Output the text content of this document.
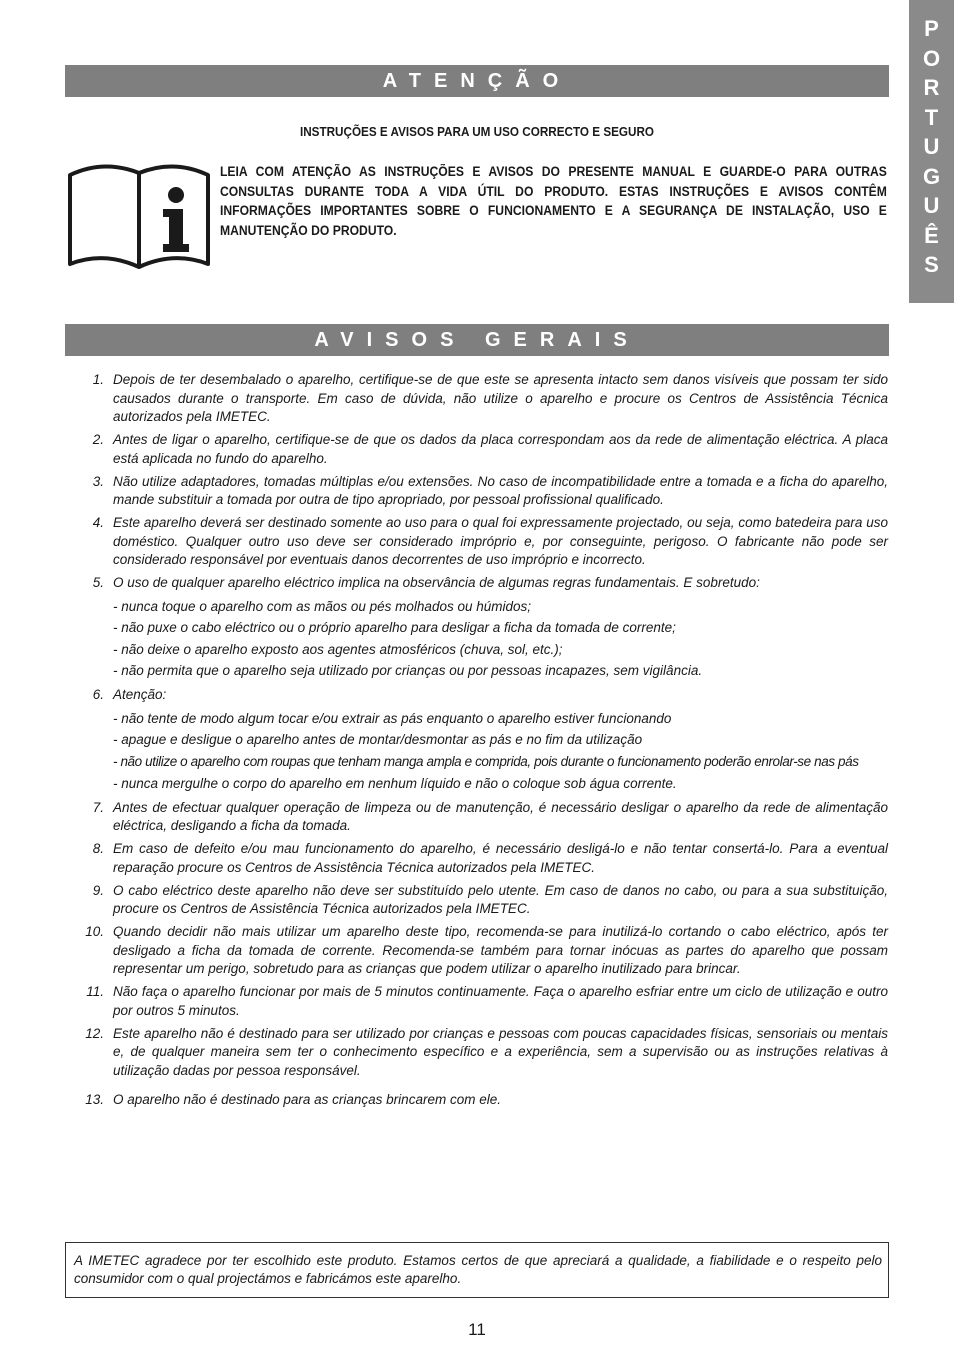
P
O
R
T
U
G
U
Ê
S
ATENÇÃO
INSTRUÇÕES E AVISOS PARA UM USO CORRECTO E SEGURO
LEIA COM ATENÇÃO AS INSTRUÇÕES E AVISOS DO PRESENTE MANUAL E GUARDE-O PARA OUTRAS CONSULTAS DURANTE TODA A VIDA ÚTIL DO PRODUTO. ESTAS INSTRUÇÕES E AVISOS CONTÊM INFORMAÇÕES IMPORTANTES SOBRE O FUNCIONAMENTO E A SEGURANÇA DE INSTALAÇÃO, USO E MANUTENÇÃO DO PRODUTO.
AVISOS GERAIS
1. Depois de ter desembalado o aparelho, certifique-se de que este se apresenta intacto sem danos visíveis que possam ter sido causados durante o transporte. Em caso de dúvida, não utilize o aparelho e procure os Centros de Assistência Técnica autorizados pela IMETEC.
2. Antes de ligar o aparelho, certifique-se de que os dados da placa correspondam aos da rede de alimentação eléctrica. A placa está aplicada no fundo do aparelho.
3. Não utilize adaptadores, tomadas múltiplas e/ou extensões. No caso de incompatibilidade entre a tomada e a ficha do aparelho, mande substituir a tomada por outra de tipo apropriado, por pessoal profissional qualificado.
4. Este aparelho deverá ser destinado somente ao uso para o qual foi expressamente projectado, ou seja, como batedeira para uso doméstico. Qualquer outro uso deve ser considerado impróprio e, por conseguinte, perigoso. O fabricante não pode ser considerado responsável por eventuais danos decorrentes de uso impróprio e incorrecto.
5. O uso de qualquer aparelho eléctrico implica na observância de algumas regras fundamentais. E sobretudo:
- nunca toque o aparelho com as mãos ou pés molhados ou húmidos;
- não puxe o cabo eléctrico ou o próprio aparelho para desligar a ficha da tomada de corrente;
- não deixe o aparelho exposto aos agentes atmosféricos (chuva, sol, etc.);
- não permita que o aparelho seja utilizado por crianças ou por pessoas incapazes, sem vigilância.
6. Atenção:
- não tente de modo algum tocar e/ou extrair as pás enquanto o aparelho estiver funcionando
- apague e desligue o aparelho antes de montar/desmontar as pás e no fim da utilização
- não utilize o aparelho com roupas que tenham manga ampla e comprida, pois durante o funcionamento poderão enrolar-se nas pás
- nunca mergulhe o corpo do aparelho em nenhum líquido e não o coloque sob água corrente.
7. Antes de efectuar qualquer operação de limpeza ou de manutenção, é necessário desligar o aparelho da rede de alimentação eléctrica, desligando a ficha da tomada.
8. Em caso de defeito e/ou mau funcionamento do aparelho, é necessário desligá-lo e não tentar consertá-lo. Para a eventual reparação procure os Centros de Assistência Técnica autorizados pela IMETEC.
9. O cabo eléctrico deste aparelho não deve ser substituído pelo utente. Em caso de danos no cabo, ou para a sua substituição, procure os Centros de Assistência Técnica autorizados pela IMETEC.
10. Quando decidir não mais utilizar um aparelho deste tipo, recomenda-se para inutilizá-lo cortando o cabo eléctrico, após ter desligado a ficha da tomada de corrente. Recomenda-se também para tornar inócuas as partes do aparelho que possam representar um perigo, sobretudo para as crianças que podem utilizar o aparelho inutilizado para brincar.
11. Não faça o aparelho funcionar por mais de 5 minutos continuamente. Faça o aparelho esfriar entre um ciclo de utilização e outro por outros 5 minutos.
12. Este aparelho não é destinado para ser utilizado por crianças e pessoas com poucas capacidades físicas, sensoriais ou mentais e, de qualquer maneira sem ter o conhecimento específico e a experiência, sem a supervisão ou as instruções relativas à utilização dadas por pessoa responsável.
13. O aparelho não é destinado para as crianças brincarem com ele.
A IMETEC agradece por ter escolhido este produto. Estamos certos de que apreciará a qualidade, a fiabilidade e o respeito pelo consumidor com o qual projectámos e fabricámos este aparelho.
11
